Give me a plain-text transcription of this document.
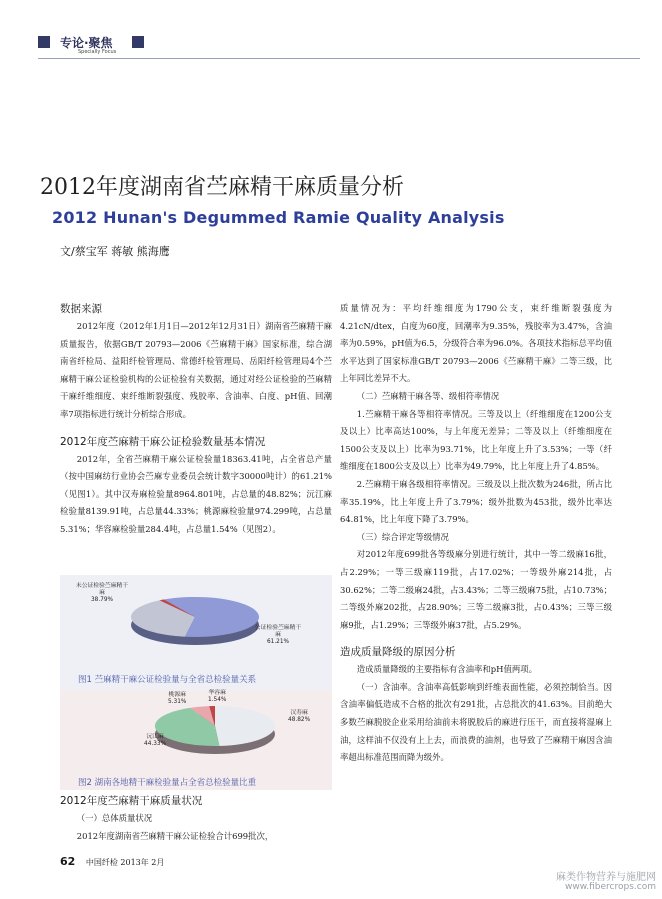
专论·聚焦
Specially Focus
2012年度湖南省苎麻精干麻质量分析
2012 Hunan's Degummed Ramie Quality Analysis
文/蔡宝军 蒋敏 熊海鹰

数据来源

2012年度（2012年1月1日—2012年12月31日）湖南省苎麻精干麻质量报告，依据GB/T 20793—2006《苎麻精干麻》国家标准，综合湖南省纤检局、益阳纤检管理局、常德纤检管理局、岳阳纤检管理局4个苎麻精干麻公证检验机构的公证检验有关数据，通过对经公证检验的苎麻精干麻纤维细度、束纤维断裂强度、残胶率、含油率、白度、pH值、回潮率7项指标进行统计分析综合形成。

2012年度苎麻精干麻公证检验数量基本情况

2012年，全省苎麻精干麻公证检验量18363.41吨，占全省总产量（按中国麻纺行业协会苎麻专业委员会统计数字30000吨计）的61.21%（见图1）。其中汉寿麻检验量8964.801吨，占总量的48.82%；沅江麻检验量8139.91吨，占总量44.33%；桃源麻检验量974.299吨，占总量5.31%；华容麻检验量284.4吨，占总量1.54%（见图2）。

未公证检验苎麻精干麻
38.79%
公证检验苎麻精干麻
61.21%
图1 苎麻精干麻公证检验量与全省总检验量关系
桃源麻
5.31%
华容麻
1.54%
汉寿麻
48.82%
沅江麻
44.33%
图2 湖南各地精干麻检验量占全省总检验量比重

2012年度苎麻精干麻质量状况

（一）总体质量状况

2012年度湖南省苎麻精干麻公证检验合计699批次，

质量情况为：平均纤维细度为1790公支，束纤维断裂强度为4.21cN/dtex，白度为60度，回潮率为9.35%，残胶率为3.47%，含油率为0.59%，pH值为6.5，分级符合率为96.0%。各项技术指标总平均值水平达到了国家标准GB/T 20793—2006《苎麻精干麻》二等三级，比上年同比差异不大。

（二）苎麻精干麻各等、级相符率情况

1.苎麻精干麻各等相符率情况。三等及以上（纤维细度在1200公支及以上）比率高达100%，与上年度无差异；二等及以上（纤维细度在1500公支及以上）比率为93.71%，比上年度上升了3.53%；一等（纤维细度在1800公支及以上）比率为49.79%，比上年度上升了4.85%。

2.苎麻精干麻各级相符率情况。三级及以上批次数为246批，所占比率35.19%，比上年度上升了3.79%；级外批数为453批，级外比率达64.81%，比上年度下降了3.79%。

（三）综合评定等级情况

对2012年度699批各等级麻分别进行统计，其中一等二级麻16批，占2.29%；一等三级麻119批，占17.02%；一等级外麻214批，占30.62%；二等二级麻24批，占3.43%；二等三级麻75批，占10.73%；二等级外麻202批，占28.90%；三等二级麻3批，占0.43%；三等三级麻9批，占1.29%；三等级外麻37批，占5.29%。

造成质量降级的原因分析

造成质量降级的主要指标有含油率和pH值两项。

（一）含油率。含油率高低影响到纤维表面性能，必须控制恰当。因含油率偏低造成不合格的批次有291批，占总批次的41.63%。目前绝大多数苎麻脱胶企业采用给油前未将脱胶后的麻进行压干，而直接将湿麻上油，这样油不仅没有上上去，而浪费的油剂，也导致了苎麻精干麻因含油率超出标准范围而降为级外。

62 中国纤检 2013年 2月
麻类作物营养与施肥网
www.fibercrops.com
